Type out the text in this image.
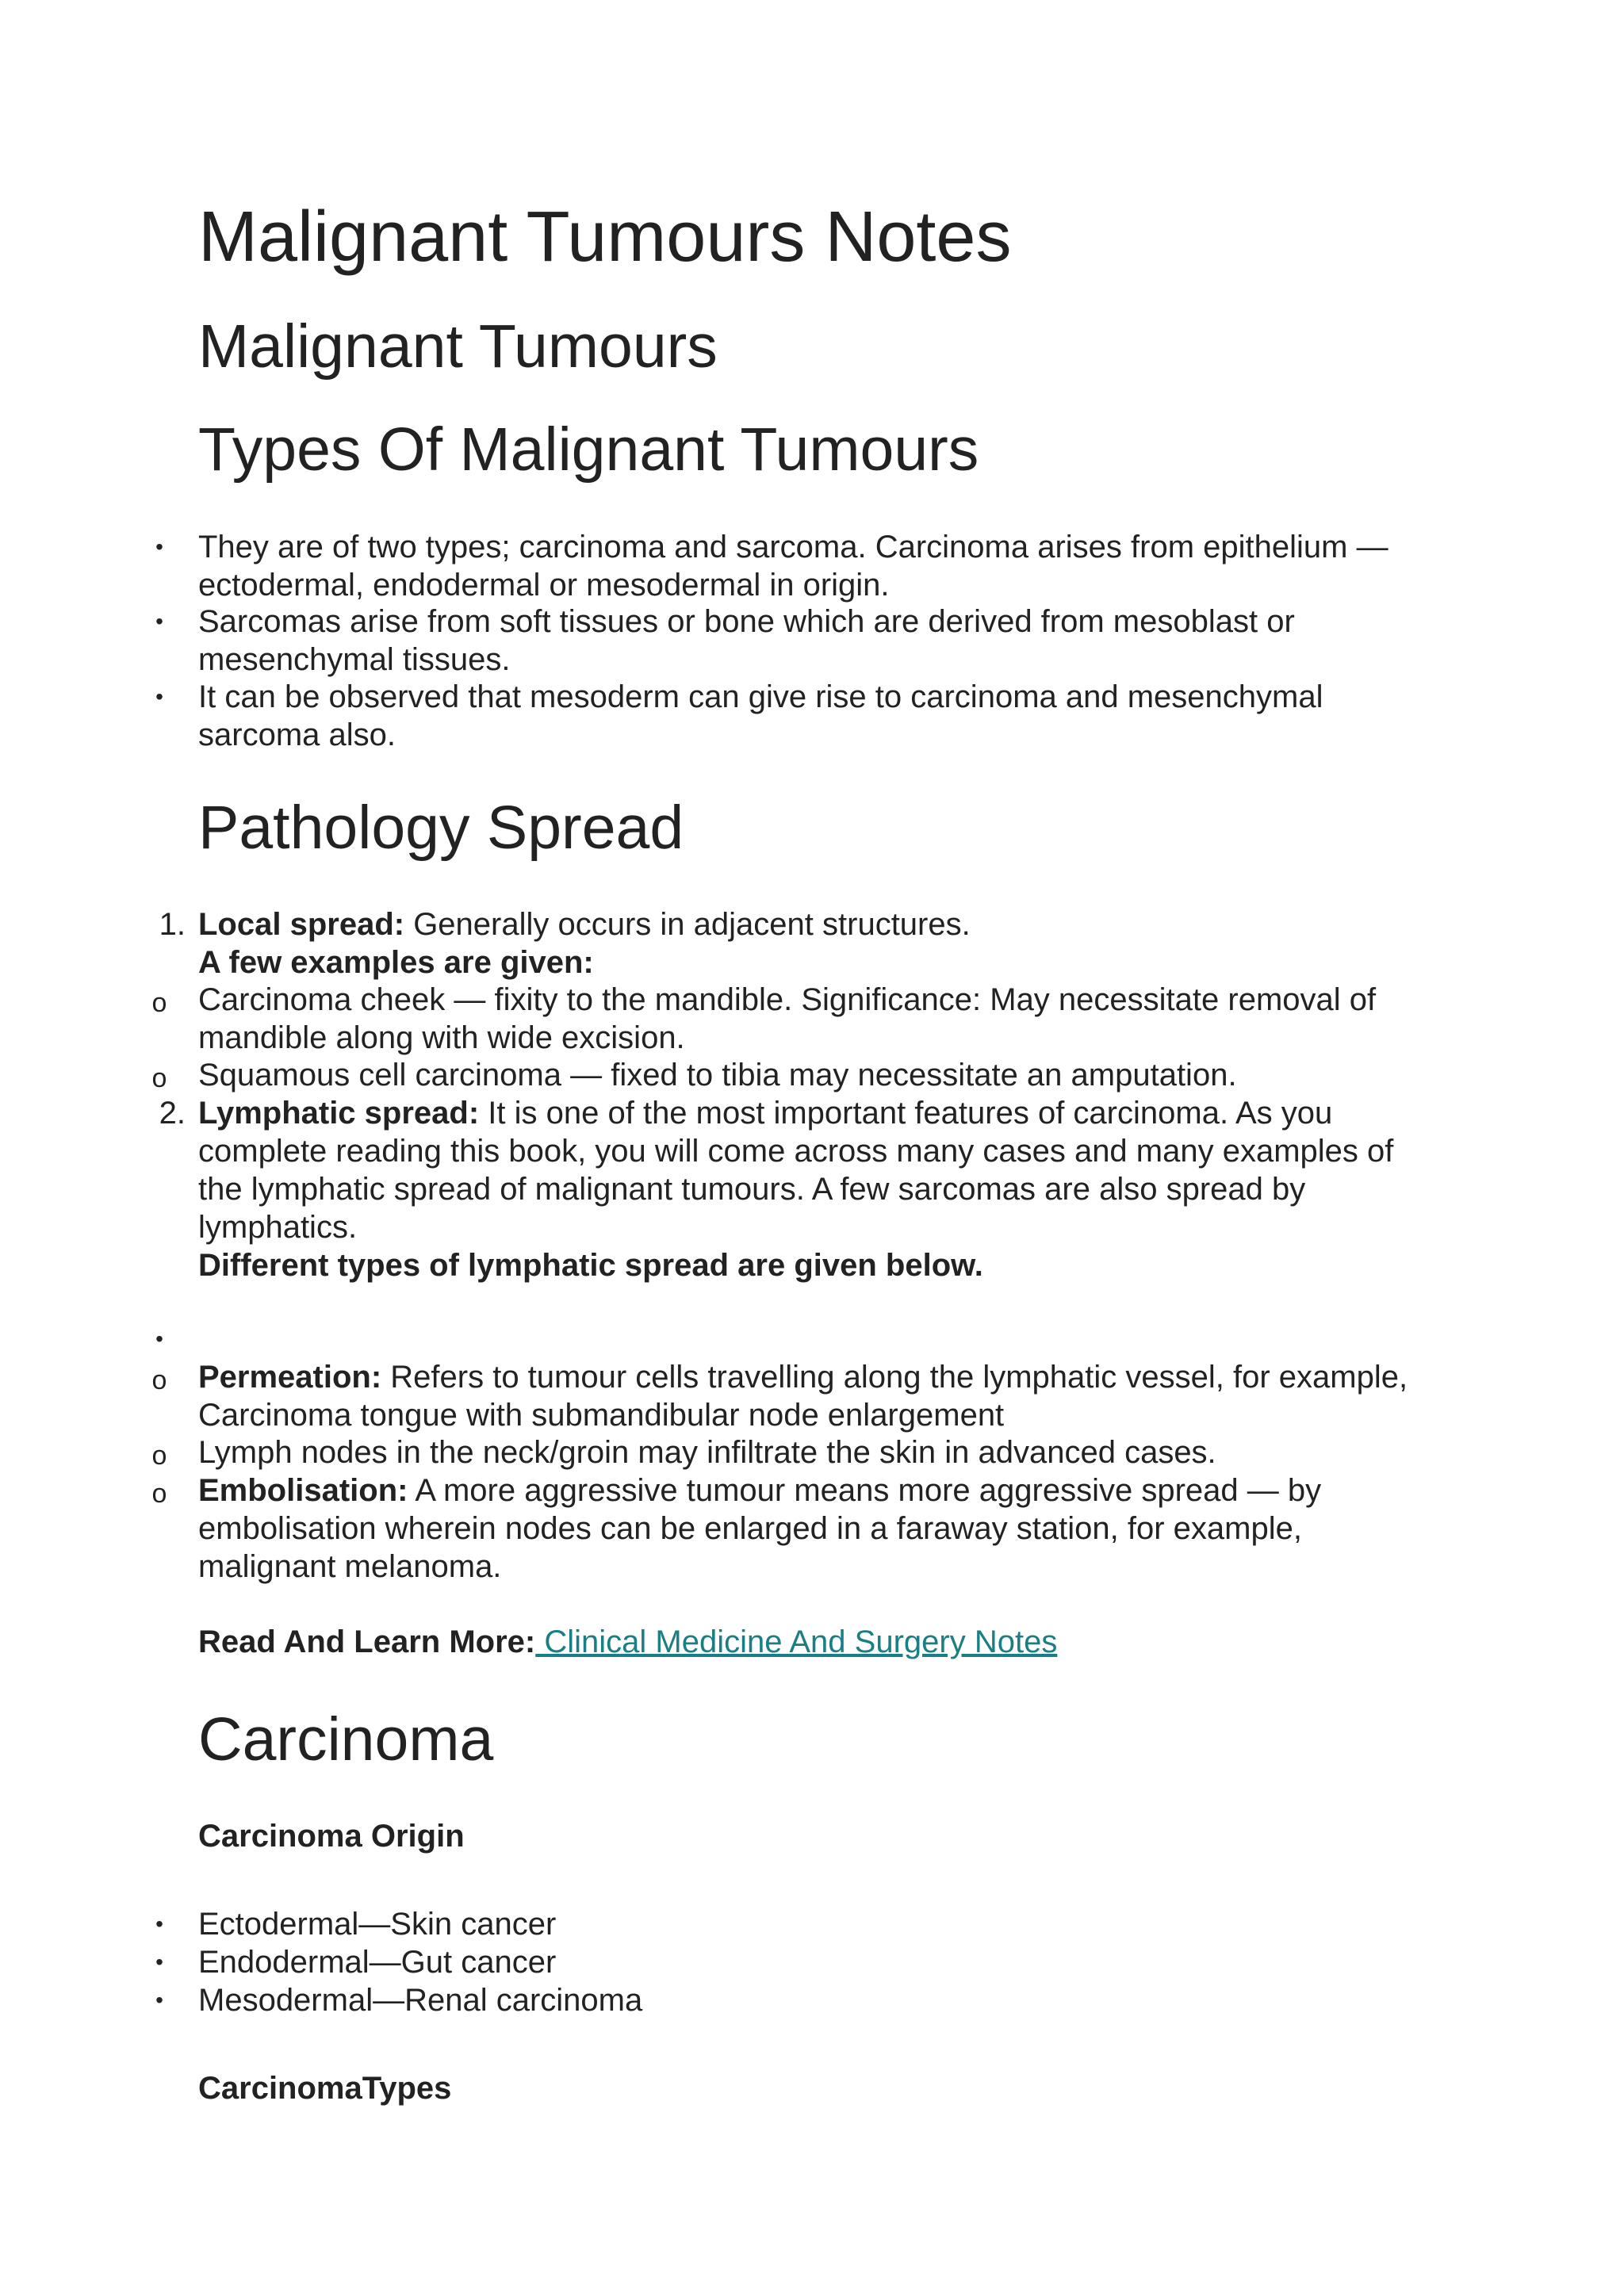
Malignant Tumours Notes
Malignant Tumours
Types Of Malignant Tumours
• They are of two types; carcinoma and sarcoma. Carcinoma arises from epithelium — ectodermal, endodermal or mesodermal in origin.
• Sarcomas arise from soft tissues or bone which are derived from mesoblast or mesenchymal tissues.
• It can be observed that mesoderm can give rise to carcinoma and mesenchymal sarcoma also.
Pathology Spread
1. Local spread: Generally occurs in adjacent structures.
A few examples are given:
o Carcinoma cheek — fixity to the mandible. Significance: May necessitate removal of mandible along with wide excision.
o Squamous cell carcinoma — fixed to tibia may necessitate an amputation.
2. Lymphatic spread: It is one of the most important features of carcinoma. As you complete reading this book, you will come across many cases and many examples of the lymphatic spread of malignant tumours. A few sarcomas are also spread by lymphatics.
Different types of lymphatic spread are given below.
•
o Permeation: Refers to tumour cells travelling along the lymphatic vessel, for example, Carcinoma tongue with submandibular node enlargement
o Lymph nodes in the neck/groin may infiltrate the skin in advanced cases.
o Embolisation: A more aggressive tumour means more aggressive spread — by embolisation wherein nodes can be enlarged in a faraway station, for example, malignant melanoma.
Read And Learn More: Clinical Medicine And Surgery Notes
Carcinoma
Carcinoma Origin
• Ectodermal—Skin cancer
• Endodermal—Gut cancer
• Mesodermal—Renal carcinoma
CarcinomaTypes
